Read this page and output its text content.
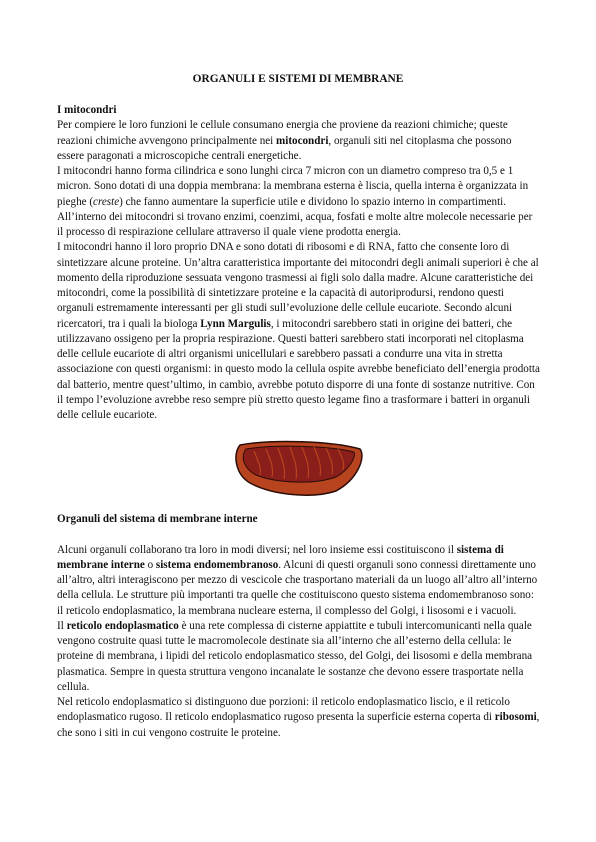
ORGANULI E SISTEMI DI MEMBRANE

I mitocondri

Per compiere le loro funzioni le cellule consumano energia che proviene da reazioni chimiche; queste reazioni chimiche avvengono principalmente nei mitocondri, organuli siti nel citoplasma che possono essere paragonati a microscopiche centrali energetiche.

I mitocondri hanno forma cilindrica e sono lunghi circa 7 micron con un diametro compreso tra 0,5 e 1 micron. Sono dotati di una doppia membrana: la membrana esterna è liscia, quella interna è organizzata in pieghe (creste) che fanno aumentare la superficie utile e dividono lo spazio interno in compartimenti. All’interno dei mitocondri si trovano enzimi, coenzimi, acqua, fosfati e molte altre molecole necessarie per il processo di respirazione cellulare attraverso il quale viene prodotta energia.

I mitocondri hanno il loro proprio DNA e sono dotati di ribosomi e di RNA, fatto che consente loro di sintetizzare alcune proteine. Un’altra caratteristica importante dei mitocondri degli animali superiori è che al momento della riproduzione sessuata vengono trasmessi ai figli solo dalla madre. Alcune caratteristiche dei mitocondri, come la possibilità di sintetizzare proteine e la capacità di autoriprodursi, rendono questi organuli estremamente interessanti per gli studi sull’evoluzione delle cellule eucariote. Secondo alcuni ricercatori, tra i quali la biologa Lynn Margulis, i mitocondri sarebbero stati in origine dei batteri, che utilizzavano ossigeno per la propria respirazione. Questi batteri sarebbero stati incorporati nel citoplasma delle cellule eucariote di altri organismi unicellulari e sarebbero passati a condurre una vita in stretta associazione con questi organismi: in questo modo la cellula ospite avrebbe beneficiato dell’energia prodotta dal batterio, mentre quest’ultimo, in cambio, avrebbe potuto disporre di una fonte di sostanze nutritive. Con il tempo l’evoluzione avrebbe reso sempre più stretto questo legame fino a trasformare i batteri in organuli delle cellule eucariote.

Organuli del sistema di membrane interne

Alcuni organuli collaborano tra loro in modi diversi; nel loro insieme essi costituiscono il sistema di membrane interne o sistema endomembranoso. Alcuni di questi organuli sono connessi direttamente uno all’altro, altri interagiscono per mezzo di vescicole che trasportano materiali da un luogo all’altro all’interno della cellula. Le strutture più importanti tra quelle che costituiscono questo sistema endomembranoso sono: il reticolo endoplasmatico, la membrana nucleare esterna, il complesso del Golgi, i lisosomi e i vacuoli.

Il reticolo endoplasmatico è una rete complessa di cisterne appiattite e tubuli intercomunicanti nella quale vengono costruite quasi tutte le macromolecole destinate sia all’interno che all’esterno della cellula: le proteine di membrana, i lipidi del reticolo endoplasmatico stesso, del Golgi, dei lisosomi e della membrana plasmatica. Sempre in questa struttura vengono incanalate le sostanze che devono essere trasportate nella cellula.

Nel reticolo endoplasmatico si distinguono due porzioni: il reticolo endoplasmatico liscio, e il reticolo endoplasmatico rugoso. Il reticolo endoplasmatico rugoso presenta la superficie esterna coperta di ribosomi, che sono i siti in cui vengono costruite le proteine.
